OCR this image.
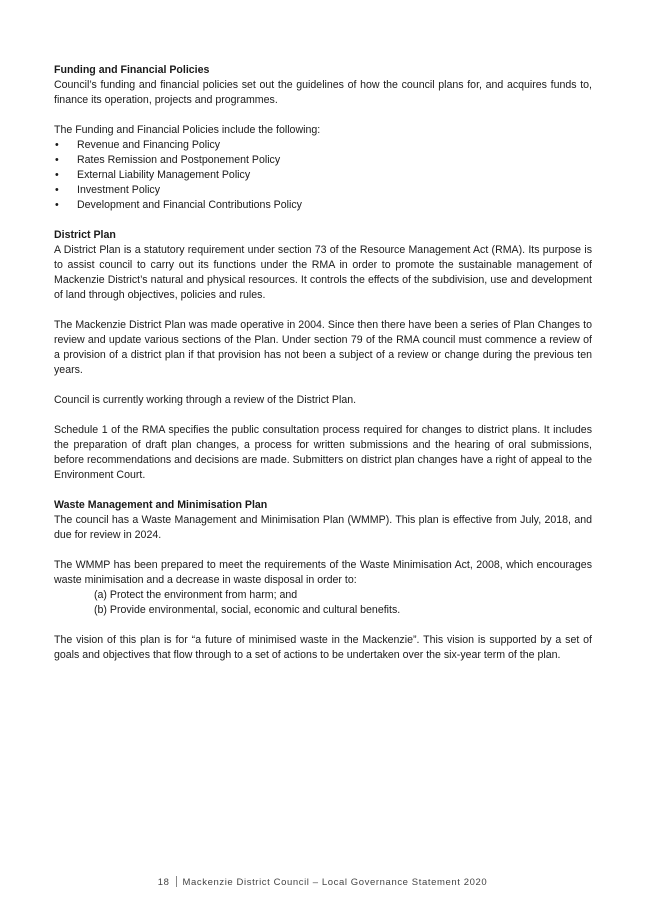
Funding and Financial Policies

Council’s funding and financial policies set out the guidelines of how the council plans for, and acquires funds to, finance its operation, projects and programmes.

The Funding and Financial Policies include the following:

• Revenue and Financing Policy
• Rates Remission and Postponement Policy
• External Liability Management Policy
• Investment Policy
• Development and Financial Contributions Policy

District Plan

A District Plan is a statutory requirement under section 73 of the Resource Management Act (RMA). Its purpose is to assist council to carry out its functions under the RMA in order to promote the sustainable management of Mackenzie District’s natural and physical resources. It controls the effects of the subdivision, use and development of land through objectives, policies and rules.

The Mackenzie District Plan was made operative in 2004. Since then there have been a series of Plan Changes to review and update various sections of the Plan. Under section 79 of the RMA council must commence a review of a provision of a district plan if that provision has not been a subject of a review or change during the previous ten years.

Council is currently working through a review of the District Plan.

Schedule 1 of the RMA specifies the public consultation process required for changes to district plans. It includes the preparation of draft plan changes, a process for written submissions and the hearing of oral submissions, before recommendations and decisions are made. Submitters on district plan changes have a right of appeal to the Environment Court.

Waste Management and Minimisation Plan

The council has a Waste Management and Minimisation Plan (WMMP). This plan is effective from July, 2018, and due for review in 2024.

The WMMP has been prepared to meet the requirements of the Waste Minimisation Act, 2008, which encourages waste minimisation and a decrease in waste disposal in order to:

(a) Protect the environment from harm; and

(b) Provide environmental, social, economic and cultural benefits.

The vision of this plan is for “a future of minimised waste in the Mackenzie”. This vision is supported by a set of goals and objectives that flow through to a set of actions to be undertaken over the six-year term of the plan.

18 Mackenzie District Council – Local Governance Statement 2020
